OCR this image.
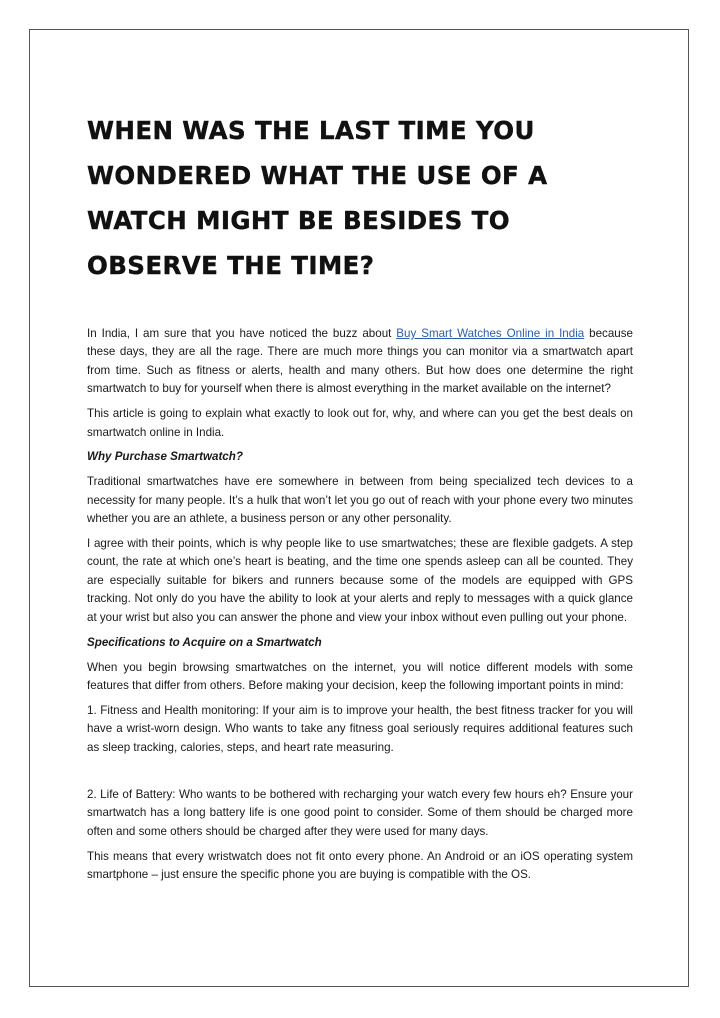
WHEN WAS THE LAST TIME YOU WONDERED WHAT THE USE OF A WATCH MIGHT BE BESIDES TO OBSERVE THE TIME?

In India, I am sure that you have noticed the buzz about Buy Smart Watches Online in India because these days, they are all the rage. There are much more things you can monitor via a smartwatch apart from time. Such as fitness or alerts, health and many others. But how does one determine the right smartwatch to buy for yourself when there is almost everything in the market available on the internet?

This article is going to explain what exactly to look out for, why, and where can you get the best deals on smartwatch online in India.

Why Purchase Smartwatch?

Traditional smartwatches have ere somewhere in between from being specialized tech devices to a necessity for many people. It’s a hulk that won’t let you go out of reach with your phone every two minutes whether you are an athlete, a business person or any other personality.

I agree with their points, which is why people like to use smartwatches; these are flexible gadgets. A step count, the rate at which one’s heart is beating, and the time one spends asleep can all be counted. They are especially suitable for bikers and runners because some of the models are equipped with GPS tracking. Not only do you have the ability to look at your alerts and reply to messages with a quick glance at your wrist but also you can answer the phone and view your inbox without even pulling out your phone.

Specifications to Acquire on a Smartwatch

When you begin browsing smartwatches on the internet, you will notice different models with some features that differ from others. Before making your decision, keep the following important points in mind:

1. Fitness and Health monitoring: If your aim is to improve your health, the best fitness tracker for you will have a wrist-worn design. Who wants to take any fitness goal seriously requires additional features such as sleep tracking, calories, steps, and heart rate measuring.

2. Life of Battery: Who wants to be bothered with recharging your watch every few hours eh? Ensure your smartwatch has a long battery life is one good point to consider. Some of them should be charged more often and some others should be charged after they were used for many days.

This means that every wristwatch does not fit onto every phone. An Android or an iOS operating system smartphone – just ensure the specific phone you are buying is compatible with the OS.
